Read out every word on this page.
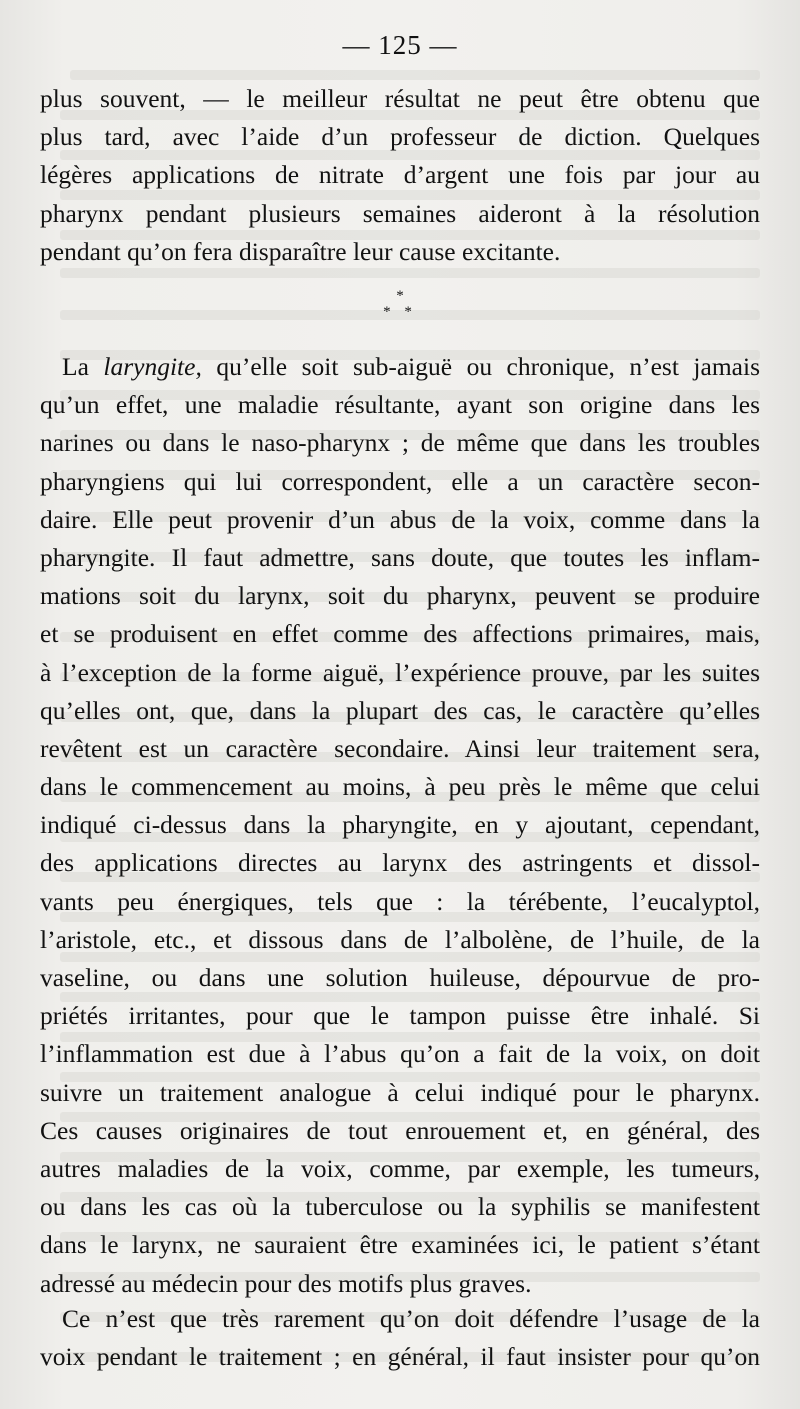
— 125 —
plus souvent, — le meilleur résultat ne peut être obtenu que
plus tard, avec l’aide d’un professeur de diction. Quelques
légères applications de nitrate d’argent une fois par jour au
pharynx pendant plusieurs semaines aideront à la résolution
pendant qu’on fera disparaître leur cause excitante.
*
* *
La laryngite, qu’elle soit sub-aiguë ou chronique, n’est jamais
qu’un effet, une maladie résultante, ayant son origine dans les
narines ou dans le naso-pharynx ; de même que dans les troubles
pharyngiens qui lui correspondent, elle a un caractère secon-
daire. Elle peut provenir d’un abus de la voix, comme dans la
pharyngite. Il faut admettre, sans doute, que toutes les inflam-
mations soit du larynx, soit du pharynx, peuvent se produire
et se produisent en effet comme des affections primaires, mais,
à l’exception de la forme aiguë, l’expérience prouve, par les suites
qu’elles ont, que, dans la plupart des cas, le caractère qu’elles
revêtent est un caractère secondaire. Ainsi leur traitement sera,
dans le commencement au moins, à peu près le même que celui
indiqué ci-dessus dans la pharyngite, en y ajoutant, cependant,
des applications directes au larynx des astringents et dissol-
vants peu énergiques, tels que : la térébente, l’eucalyptol,
l’aristole, etc., et dissous dans de l’albolène, de l’huile, de la
vaseline, ou dans une solution huileuse, dépourvue de pro-
priétés irritantes, pour que le tampon puisse être inhalé. Si
l’inflammation est due à l’abus qu’on a fait de la voix, on doit
suivre un traitement analogue à celui indiqué pour le pharynx.
Ces causes originaires de tout enrouement et, en général, des
autres maladies de la voix, comme, par exemple, les tumeurs,
ou dans les cas où la tuberculose ou la syphilis se manifestent
dans le larynx, ne sauraient être examinées ici, le patient s’étant
adressé au médecin pour des motifs plus graves.
Ce n’est que très rarement qu’on doit défendre l’usage de la
voix pendant le traitement ; en général, il faut insister pour qu’on
